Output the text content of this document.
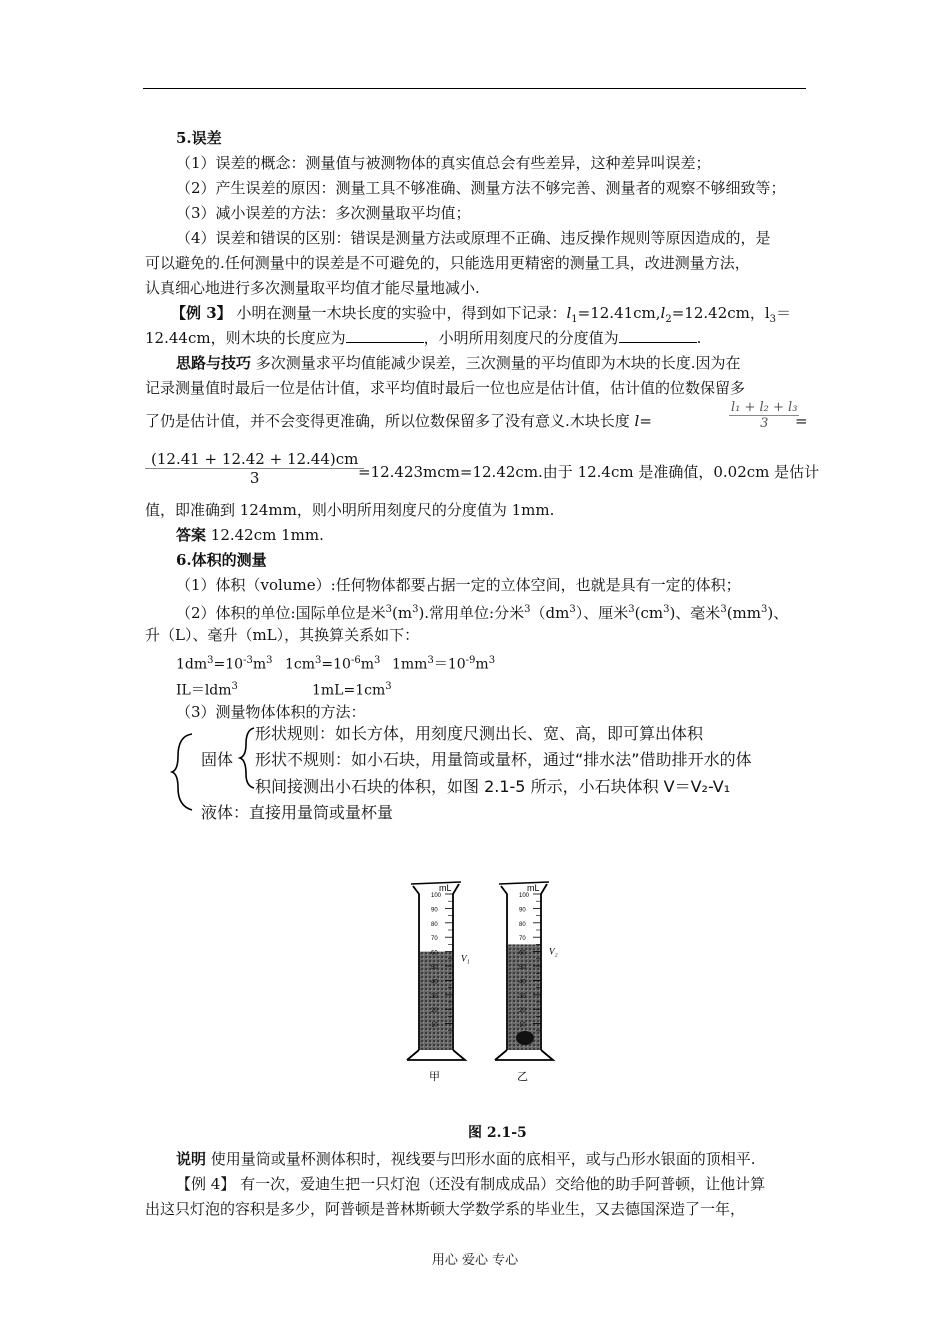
5.误差
（1）误差的概念：测量值与被测物体的真实值总会有些差异，这种差异叫误差；
（2）产生误差的原因：测量工具不够准确、测量方法不够完善、测量者的观察不够细致等；
（3）减小误差的方法：多次测量取平均值；
（4）误差和错误的区别：错误是测量方法或原理不正确、违反操作规则等原因造成的，是
可以避免的.任何测量中的误差是不可避免的，只能选用更精密的测量工具，改进测量方法，
认真细心地进行多次测量取平均值才能尽量地减小.
【例 3】 小明在测量一木块长度的实验中，得到如下记录：$l_1=12.41cm,l_2=12.42cm$，$l_3=$
12.44cm，则木块的长度应为	，小明所用刻度尺的分度值为	.
思路与技巧 多次测量求平均值能减少误差，三次测量的平均值即为木块的长度.因为在
记录测量值时最后一位是估计值，求平均值时最后一位也应是估计值，估计值的位数保留多
了仍是估计值，并不会变得更准确，所以位数保留多了没有意义.木块长度 l=	$\frac{\text{l₁ + l₂ + l₃}}{3}$
=
$\frac{(12.41 + 12.42 + 12.44)cm}{3}$
=12.423mcm=12.42cm.由于 12.4cm 是准确值，0.02cm 是估计
值，即准确到 124mm，则小明所用刻度尺的分度值为 1mm.
答案 12.42cm 1mm.
6.体积的测量
（1）体积（volume）:任何物体都要占据一定的立体空间，也就是具有一定的体积；
（2）体积的单位:国际单位是米$^3(m^3)$.常用单位:分米$^3(dm^3)$、厘米$^3(cm^3)$、毫米$^3(mm^3)$、
升（L）、毫升（mL），其换算关系如下：
$1dm^3=10^{-3}m^3$ $1cm^3=10^{-6}m^3$ $1mm^3=10^{-9}m^3$
IL＝ldm$^3$	$1mL=1cm^3$
（3）测量物体体积的方法：
固体
形状规则：如长方体，用刻度尺测出长、宽、高，即可算出体积
形状不规则：如小石块，用量筒或量杯，通过“排水法”借助排开水的体
积间接测出小石块的体积，如图 2.1-5 所示，小石块体积 V＝V₂-V₁
液体：直接用量筒或量杯量
mL
100
90
80
70
60
50
40
30
20
10
V₁
甲
mL
100
90
80
70
60
50
40
30
20
10
V₂
乙
图 2.1-5
说明 使用量筒或量杯测体积时，视线要与凹形水面的底相平，或与凸形水银面的顶相平.
【例 4】 有一次，爱迪生把一只灯泡（还没有制成成品）交给他的助手阿普顿，让他计算
出这只灯泡的容积是多少，阿普顿是普林斯顿大学数学系的毕业生，又去德国深造了一年，
用心 爱心 专心
